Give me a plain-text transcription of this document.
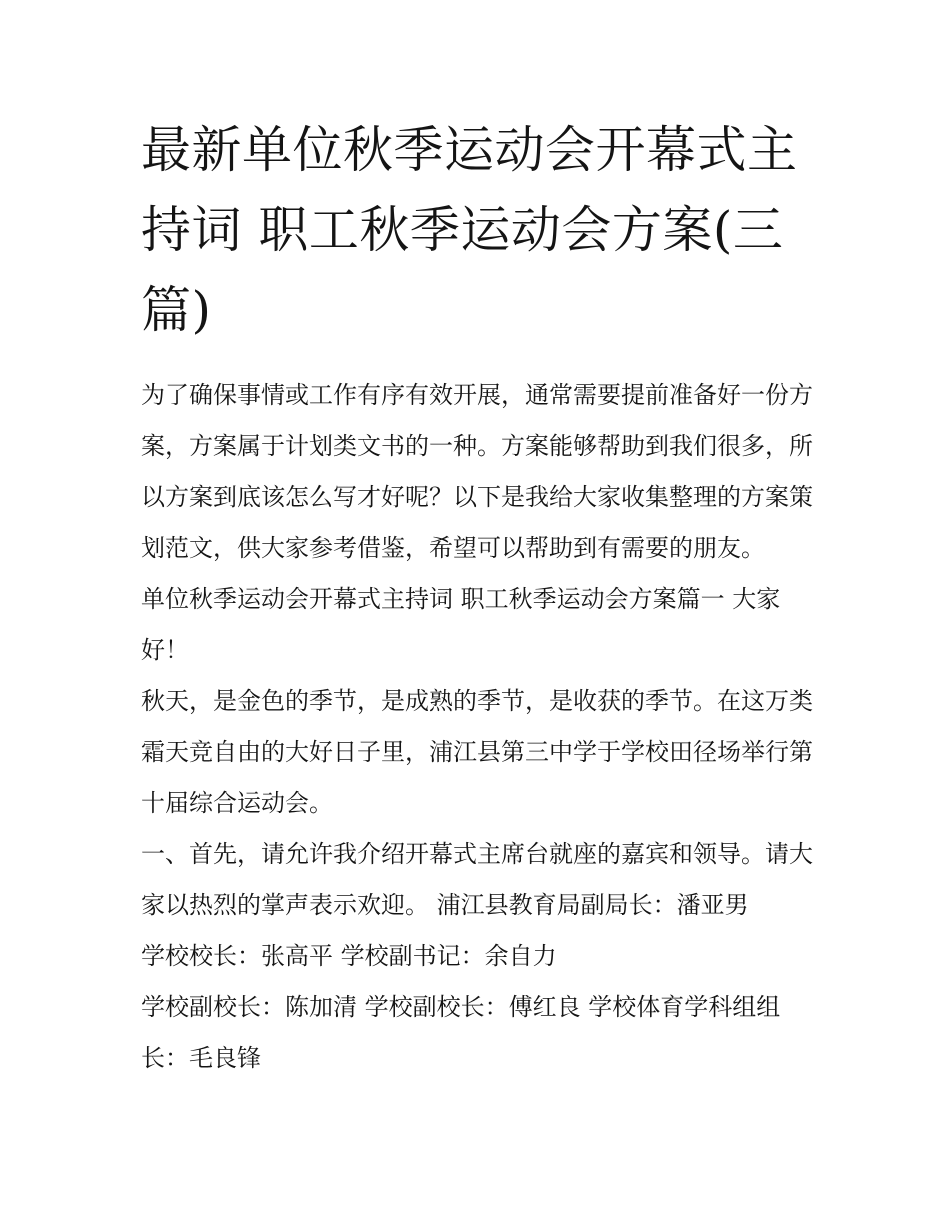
最新单位秋季运动会开幕式主持词 职工秋季运动会方案(三篇)

为了确保事情或工作有序有效开展，通常需要提前准备好一份方案，方案属于计划类文书的一种。方案能够帮助到我们很多，所以方案到底该怎么写才好呢？以下是我给大家收集整理的方案策划范文，供大家参考借鉴，希望可以帮助到有需要的朋友。

单位秋季运动会开幕式主持词 职工秋季运动会方案篇一 大家好！

秋天，是金色的季节，是成熟的季节，是收获的季节。在这万类霜天竞自由的大好日子里，浦江县第三中学于学校田径场举行第十届综合运动会。

一、首先，请允许我介绍开幕式主席台就座的嘉宾和领导。请大家以热烈的掌声表示欢迎。 浦江县教育局副局长：潘亚男

学校校长：张高平 学校副书记：余自力

学校副校长：陈加清 学校副校长：傅红良 学校体育学科组组长：毛良锋
